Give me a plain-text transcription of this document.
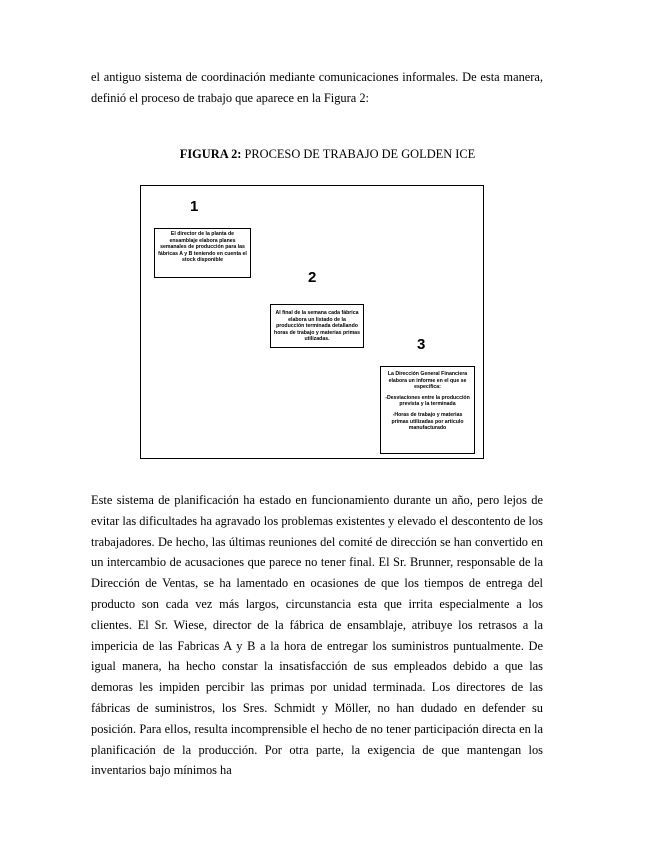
el antiguo sistema de coordinación mediante comunicaciones informales. De esta manera, definió el proceso de trabajo que aparece en la Figura 2:

FIGURA 2: PROCESO DE TRABAJO DE GOLDEN ICE
1

El director de la planta de ensamblaje elabora planes semanales de producción para las fábricas A y B teniendo en cuenta el stock disponible

2

Al final de la semana cada fábrica elabora un listado de la producción terminada detallando horas de trabajo y materias primas utilizadas.	3

La Dirección General Financiera elabora un informe en el que se especifica:

-Desviaciones entre la producción prevista y la terminada

-Horas de trabajo y materias primas utilizadas por artículo manufacturado

Este sistema de planificación ha estado en funcionamiento durante un año, pero lejos de evitar las dificultades ha agravado los problemas existentes y elevado el descontento de los trabajadores. De hecho, las últimas reuniones del comité de dirección se han convertido en un intercambio de acusaciones que parece no tener final. El Sr. Brunner, responsable de la Dirección de Ventas, se ha lamentado en ocasiones de que los tiempos de entrega del producto son cada vez más largos, circunstancia esta que irrita especialmente a los clientes. El Sr. Wiese, director de la fábrica de ensamblaje, atribuye los retrasos a la impericia de las Fabricas A y B a la hora de entregar los suministros puntualmente. De igual manera, ha hecho constar la insatisfacción de sus empleados debido a que las demoras les impiden percibir las primas por unidad terminada. Los directores de las fábricas de suministros, los Sres. Schmidt y Möller, no han dudado en defender su posición. Para ellos, resulta incomprensible el hecho de no tener participación directa en la planificación de la producción. Por otra parte, la exigencia de que mantengan los inventarios bajo mínimos ha
